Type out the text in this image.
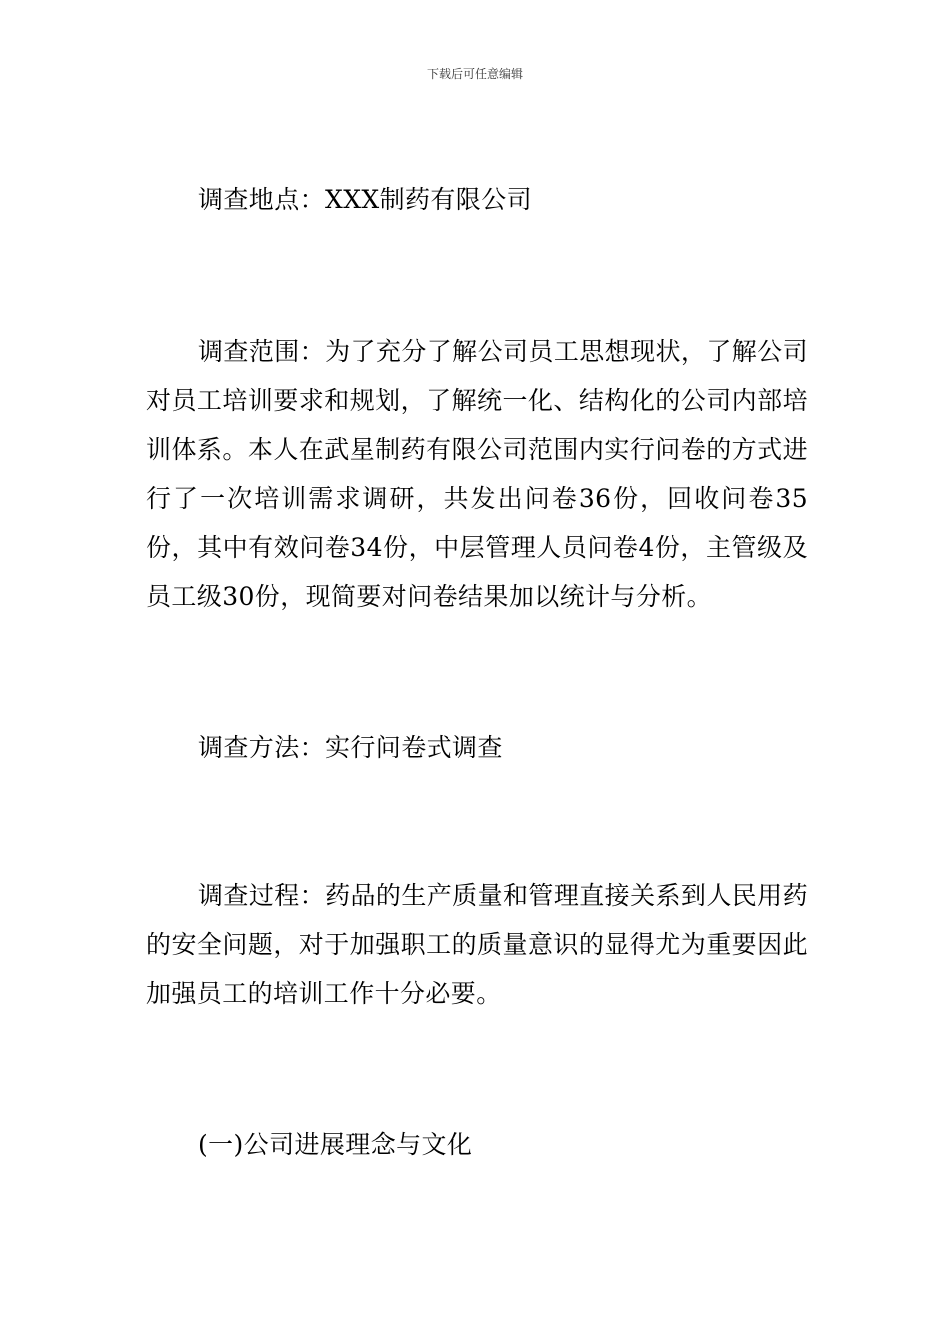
下载后可任意编辑

调查地点：XXX制药有限公司

调查范围：为了充分了解公司员工思想现状，了解公司对员工培训要求和规划，了解统一化、结构化的公司内部培训体系。本人在武星制药有限公司范围内实行问卷的方式进行了一次培训需求调研，共发出问卷36份，回收问卷35份，其中有效问卷34份，中层管理人员问卷4份，主管级及员工级30份，现简要对问卷结果加以统计与分析。

调查方法：实行问卷式调查

调查过程：药品的生产质量和管理直接关系到人民用药的安全问题，对于加强职工的质量意识的显得尤为重要因此加强员工的培训工作十分必要。

(一)公司进展理念与文化
